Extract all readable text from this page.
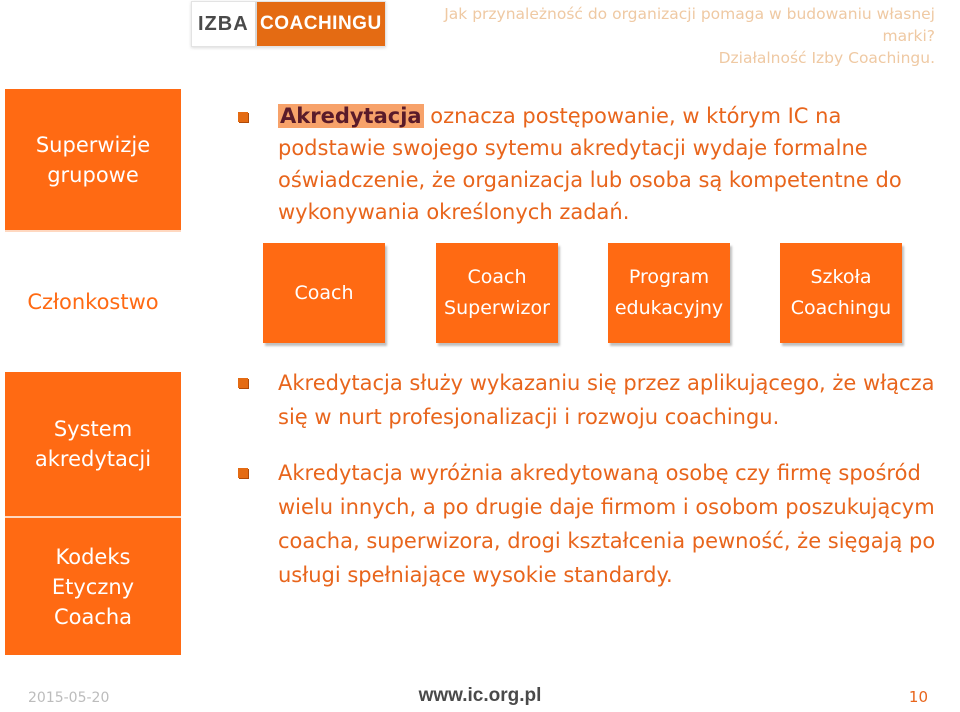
IZBA COACHINGU	Jak przynależność do organizacji pomaga w budowaniu własnej marki?
Działalność Izby Coachingu.
Superwizje grupowe
Członkostwo
System akredytacji
Kodeks Etyczny Coacha
Akredytacja oznacza postępowanie, w którym IC na podstawie swojego sytemu akredytacji wydaje formalne oświadczenie, że organizacja lub osoba są kompetentne do wykonywania określonych zadań.
Coach
Coach
Superwizor
Program
edukacyjny
Szkoła
Coachingu
Akredytacja służy wykazaniu się przez aplikującego, że włącza się w nurt profesjonalizacji i rozwoju coachingu.
Akredytacja wyróżnia akredytowaną osobę czy firmę spośród wielu innych, a po drugie daje firmom i osobom poszukującym coacha, superwizora, drogi kształcenia pewność, że sięgają po usługi spełniające wysokie standardy.
2015-05-20	www.ic.org.pl	10
